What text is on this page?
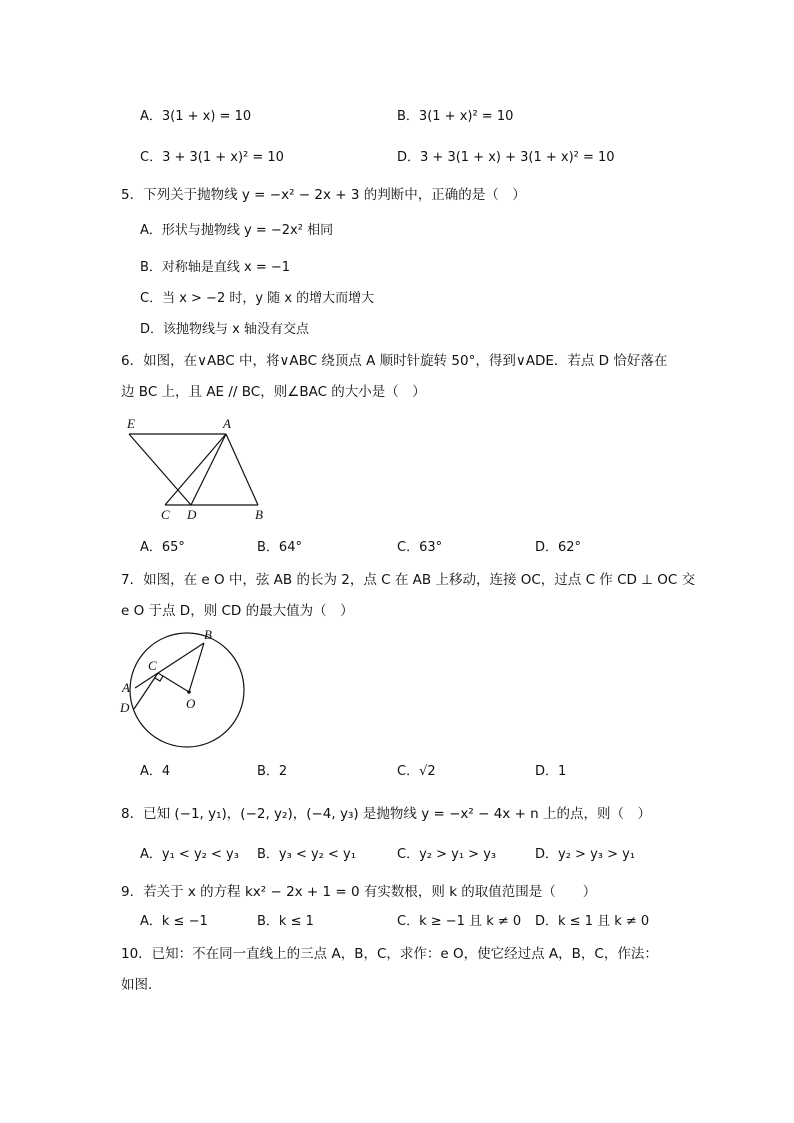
A．3(1 + x) = 10	B．3(1 + x)² = 10
C．3 + 3(1 + x)² = 10	D．3 + 3(1 + x) + 3(1 + x)² = 10
5．下列关于抛物线 y = −x² − 2x + 3 的判断中，正确的是（　）
A．形状与抛物线 y = −2x² 相同
B．对称轴是直线 x = −1
C．当 x > −2 时，y 随 x 的增大而增大
D．该抛物线与 x 轴没有交点
6．如图，在∨ABC 中，将∨ABC 绕顶点 A 顺时针旋转 50°，得到∨ADE．若点 D 恰好落在
边 BC 上，且 AE // BC，则∠BAC 的大小是（　）
E	A
C D	B
A．65°	B．64°	C．63°	D．62°
7．如图，在 e O 中，弦 AB 的长为 2，点 C 在 AB 上移动，连接 OC，过点 C 作 CD ⊥ OC 交
e O 于点 D，则 CD 的最大值为（　）
B
C
A
D	O
A．4	B．2	C．√2	D．1
8．已知 (−1, y₁)，(−2, y₂)，(−4, y₃) 是抛物线 y = −x² − 4x + n 上的点，则（　）
A．y₁ < y₂ < y₃ B．y₃ < y₂ < y₁	C．y₂ > y₁ > y₃	D．y₂ > y₃ > y₁
9．若关于 x 的方程 kx² − 2x + 1 = 0 有实数根，则 k 的取值范围是（　　）
A．k ≤ −1	B．k ≤ 1	C．k ≥ −1 且 k ≠ 0 D．k ≤ 1 且 k ≠ 0
10．已知：不在同一直线上的三点 A，B，C，求作：e O，使它经过点 A，B，C，作法：
如图．
